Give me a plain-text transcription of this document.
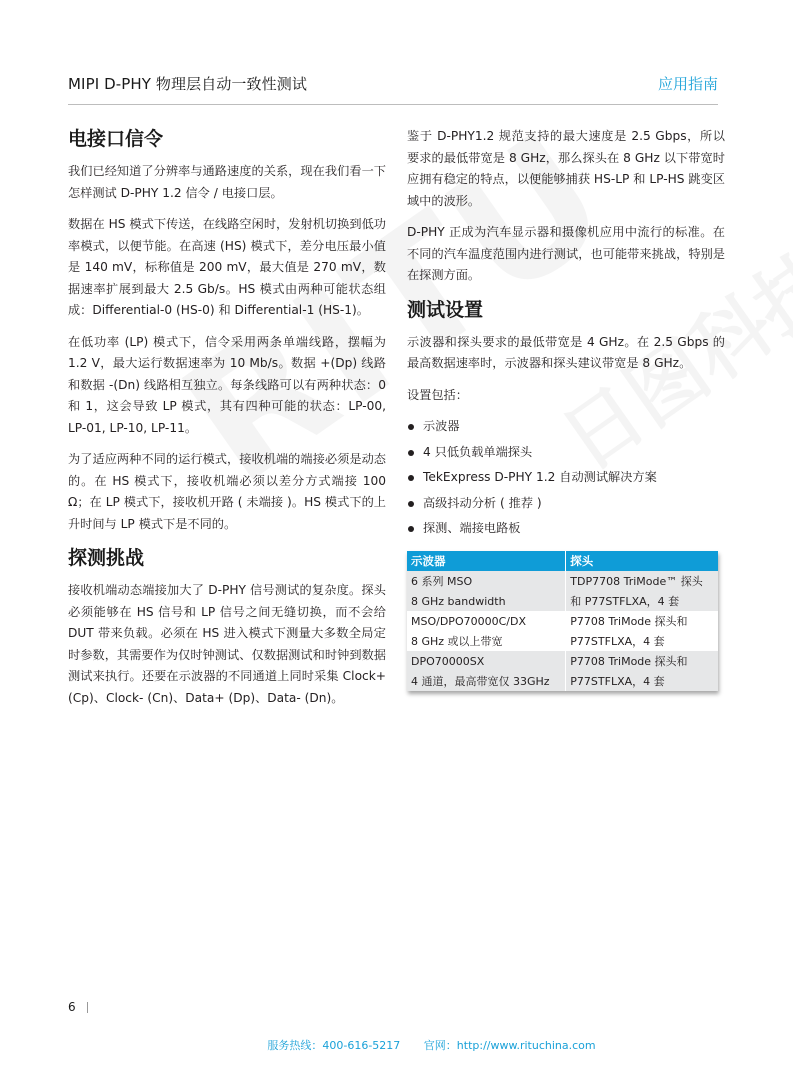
MIPI D-PHY 物理层自动一致性测试	应用指南
电接口信令

我们已经知道了分辨率与通路速度的关系，现在我们看一下怎样测试 D-PHY 1.2 信令 / 电接口层。

数据在 HS 模式下传送，在线路空闲时，发射机切换到低功率模式，以便节能。在高速 (HS) 模式下，差分电压最小值是 140 mV，标称值是 200 mV，最大值是 270 mV，数据速率扩展到最大 2.5 Gb/s。HS 模式由两种可能状态组成：Differential-0 (HS-0) 和 Differential-1 (HS-1)。

在低功率 (LP) 模式下，信令采用两条单端线路，摆幅为 1.2 V，最大运行数据速率为 10 Mb/s。数据 +(Dp) 线路和数据 -(Dn) 线路相互独立。每条线路可以有两种状态：0 和 1，这会导致 LP 模式，其有四种可能的状态：LP-00, LP-01, LP-10, LP-11。

为了适应两种不同的运行模式，接收机端的端接必须是动态的。在 HS 模式下，接收机端必须以差分方式端接 100 Ω；在 LP 模式下，接收机开路 ( 未端接 )。HS 模式下的上升时间与 LP 模式下是不同的。

探测挑战

接收机端动态端接加大了 D-PHY 信号测试的复杂度。探头必须能够在 HS 信号和 LP 信号之间无缝切换，而不会给 DUT 带来负载。必须在 HS 进入模式下测量大多数全局定时参数，其需要作为仅时钟测试、仅数据测试和时钟到数据测试来执行。还要在示波器的不同通道上同时采集 Clock+ (Cp)、Clock- (Cn)、Data+ (Dp)、Data- (Dn)。

鉴于 D-PHY1.2 规范支持的最大速度是 2.5 Gbps，所以要求的最低带宽是 8 GHz，那么探头在 8 GHz 以下带宽时应拥有稳定的特点，以便能够捕获 HS-LP 和 LP-HS 跳变区域中的波形。

D-PHY 正成为汽车显示器和摄像机应用中流行的标准。在不同的汽车温度范围内进行测试，也可能带来挑战，特别是在探测方面。

测试设置

示波器和探头要求的最低带宽是 4 GHz。在 2.5 Gbps 的最高数据速率时，示波器和探头建议带宽是 8 GHz。

设置包括：

示波器
4 只低负载单端探头
TekExpress D-PHY 1.2 自动测试解决方案
高级抖动分析 ( 推荐 )
探测、端接电路板
示波器	探头
6 系列 MSO	TDP7708 TriMode™ 探头
8 GHz bandwidth	和 P77STFLXA，4 套
MSO/DPO70000C/DX	P7708 TriMode 探头和
8 GHz 或以上带宽	P77STFLXA，4 套
DPO70000SX	P7708 TriMode 探头和
4 通道，最高带宽仅 33GHz	P77STFLXA，4 套
6
服务热线：400-616-5217 官网：http://www.rituchina.com
